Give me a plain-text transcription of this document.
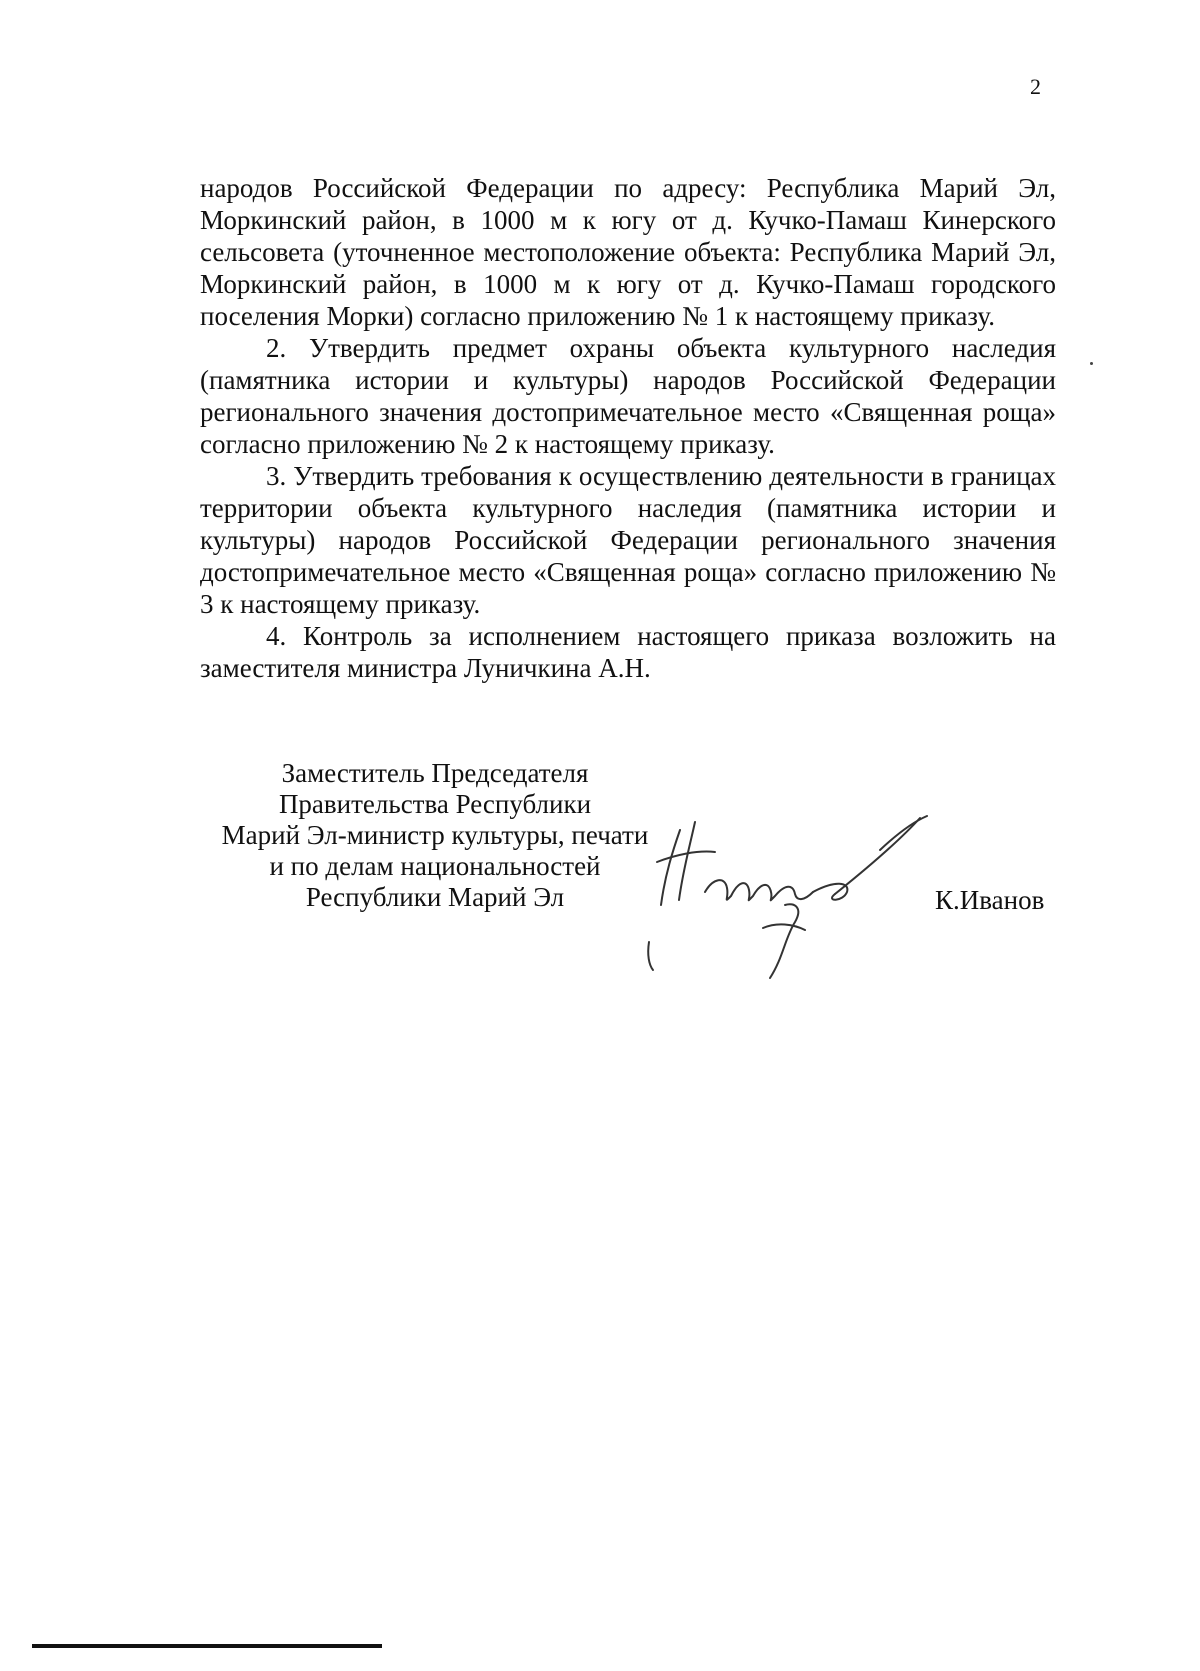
2

народов Российской Федерации по адресу: Республика Марий Эл, Моркинский район, в 1000 м к югу от д. Кучко-Памаш Кинерского сельсовета (уточненное местоположение объекта: Республика Марий Эл, Моркинский район, в 1000 м к югу от д. Кучко-Памаш городского поселения Морки) согласно приложению № 1 к настоящему приказу.

2. Утвердить предмет охраны объекта культурного наследия (памятника истории и культуры) народов Российской Федерации регионального значения достопримечательное место «Священная роща» согласно приложению № 2 к настоящему приказу.

3. Утвердить требования к осуществлению деятельности в границах территории объекта культурного наследия (памятника истории и культуры) народов Российской Федерации регионального значения достопримечательное место «Священная роща» согласно приложению № 3 к настоящему приказу.

4. Контроль за исполнением настоящего приказа возложить на заместителя министра Луничкина А.Н.

Заместитель Председателя
Правительства Республики
Марий Эл-министр культуры, печати
и по делам национальностей
Республики Марий Эл	К.Иванов
